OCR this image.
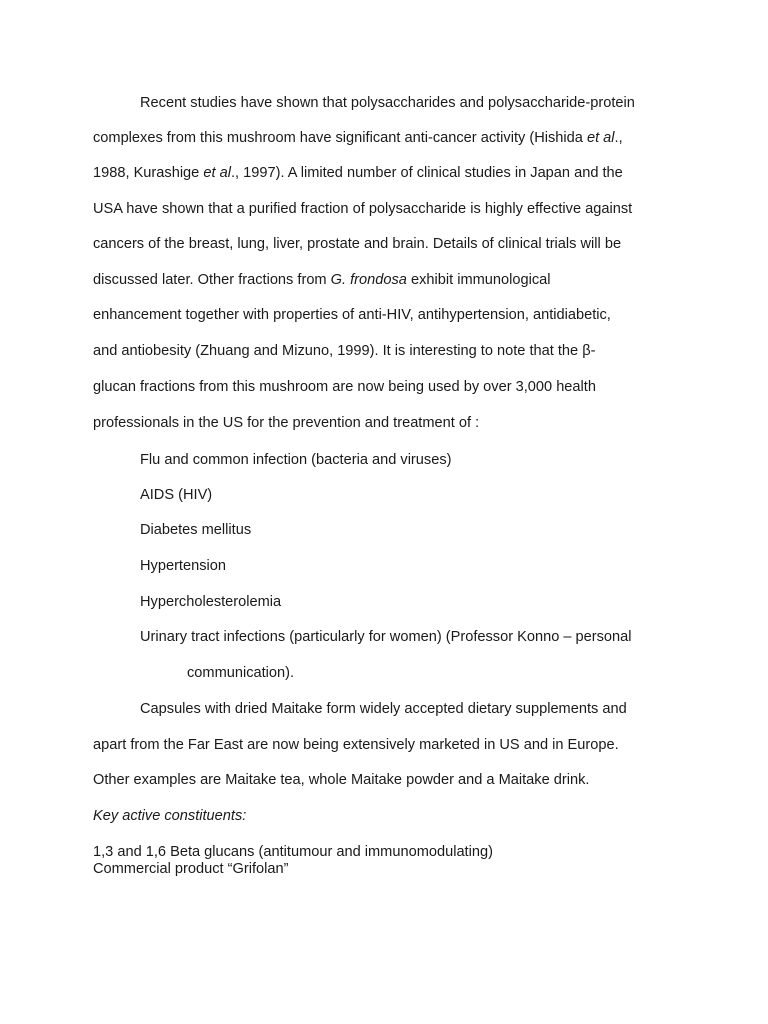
Recent studies have shown that polysaccharides and polysaccharide-protein
complexes from this mushroom have significant anti-cancer activity (Hishida et al.,
1988, Kurashige et al., 1997). A limited number of clinical studies in Japan and the
USA have shown that a purified fraction of polysaccharide is highly effective against
cancers of the breast, lung, liver, prostate and brain. Details of clinical trials will be
discussed later. Other fractions from G. frondosa exhibit immunological
enhancement together with properties of anti-HIV, antihypertension, antidiabetic,
and antiobesity (Zhuang and Mizuno, 1999). It is interesting to note that the β-
glucan fractions from this mushroom are now being used by over 3,000 health
professionals in the US for the prevention and treatment of :
Flu and common infection (bacteria and viruses)
AIDS (HIV)
Diabetes mellitus
Hypertension
Hypercholesterolemia
Urinary tract infections (particularly for women) (Professor Konno – personal
communication).
Capsules with dried Maitake form widely accepted dietary supplements and
apart from the Far East are now being extensively marketed in US and in Europe.
Other examples are Maitake tea, whole Maitake powder and a Maitake drink.
Key active constituents:
1,3 and 1,6 Beta glucans (antitumour and immunomodulating)
Commercial product “Grifolan”
